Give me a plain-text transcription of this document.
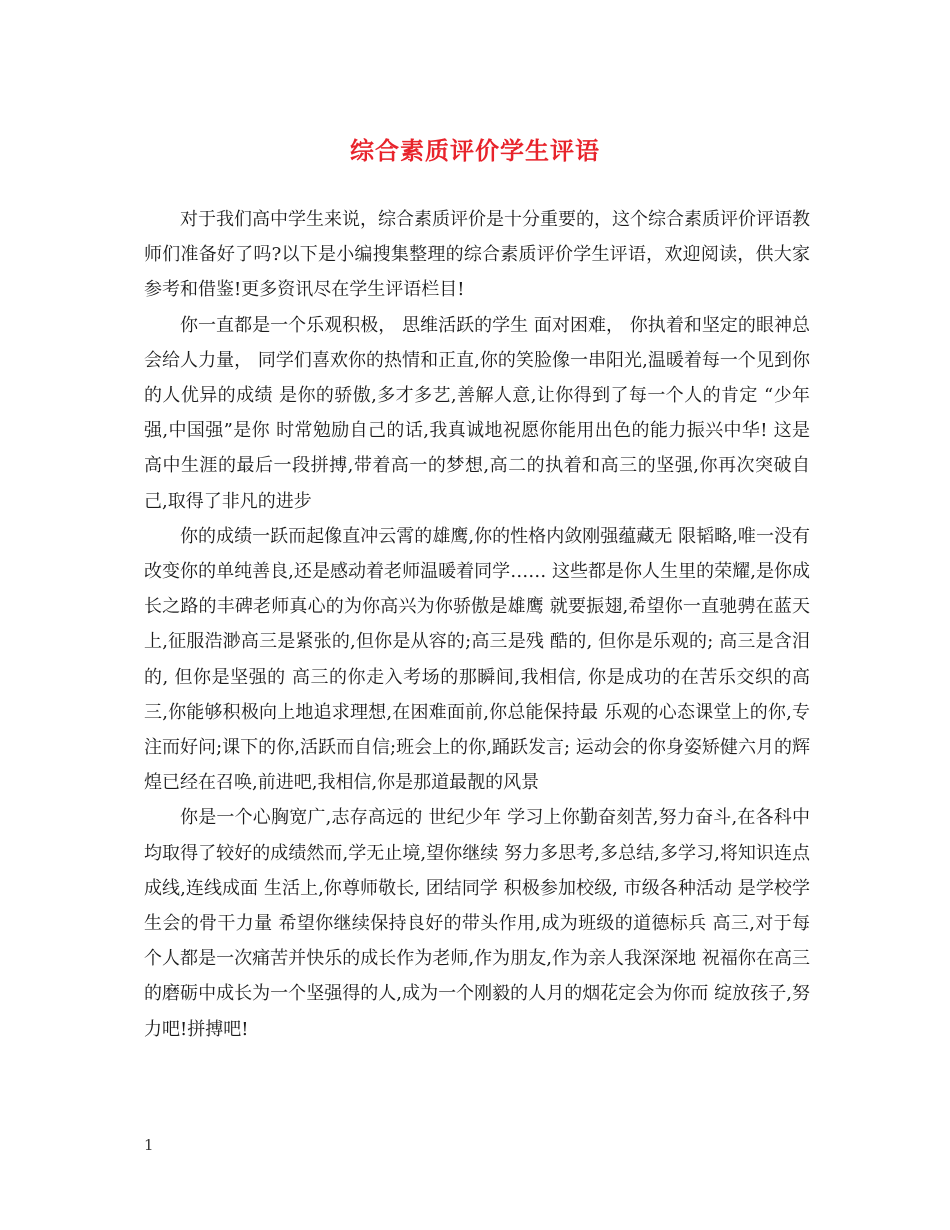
综合素质评价学生评语

对于我们高中学生来说，综合素质评价是十分重要的，这个综合素质评价评语教师们准备好了吗?以下是小编搜集整理的综合素质评价学生评语，欢迎阅读，供大家参考和借鉴!更多资讯尽在学生评语栏目!

你一直都是一个乐观积极， 思维活跃的学生 面对困难， 你执着和坚定的眼神总会给人力量， 同学们喜欢你的热情和正直,你的笑脸像一串阳光,温暖着每一个见到你的人优异的成绩 是你的骄傲,多才多艺,善解人意,让你得到了每一个人的肯定 “少年强,中国强”是你 时常勉励自己的话,我真诚地祝愿你能用出色的能力振兴中华! 这是高中生涯的最后一段拼搏,带着高一的梦想,高二的执着和高三的坚强,你再次突破自己,取得了非凡的进步

你的成绩一跃而起像直冲云霄的雄鹰,你的性格内敛刚强蕴藏无 限韬略,唯一没有改变你的单纯善良,还是感动着老师温暖着同学…… 这些都是你人生里的荣耀,是你成长之路的丰碑老师真心的为你高兴为你骄傲是雄鹰 就要振翅,希望你一直驰骋在蓝天上,征服浩渺高三是紧张的,但你是从容的;高三是残 酷的, 但你是乐观的; 高三是含泪的, 但你是坚强的 高三的你走入考场的那瞬间,我相信, 你是成功的在苦乐交织的高三,你能够积极向上地追求理想,在困难面前,你总能保持最 乐观的心态课堂上的你,专注而好问;课下的你,活跃而自信;班会上的你,踊跃发言; 运动会的你身姿矫健六月的辉煌已经在召唤,前进吧,我相信,你是那道最靓的风景

你是一个心胸宽广,志存高远的 世纪少年 学习上你勤奋刻苦,努力奋斗,在各科中均取得了较好的成绩然而,学无止境,望你继续 努力多思考,多总结,多学习,将知识连点成线,连线成面 生活上,你尊师敬长, 团结同学 积极参加校级, 市级各种活动 是学校学生会的骨干力量 希望你继续保持良好的带头作用,成为班级的道德标兵 高三,对于每个人都是一次痛苦并快乐的成长作为老师,作为朋友,作为亲人我深深地 祝福你在高三的磨砺中成长为一个坚强得的人,成为一个刚毅的人月的烟花定会为你而 绽放孩子,努力吧!拼搏吧!

1
